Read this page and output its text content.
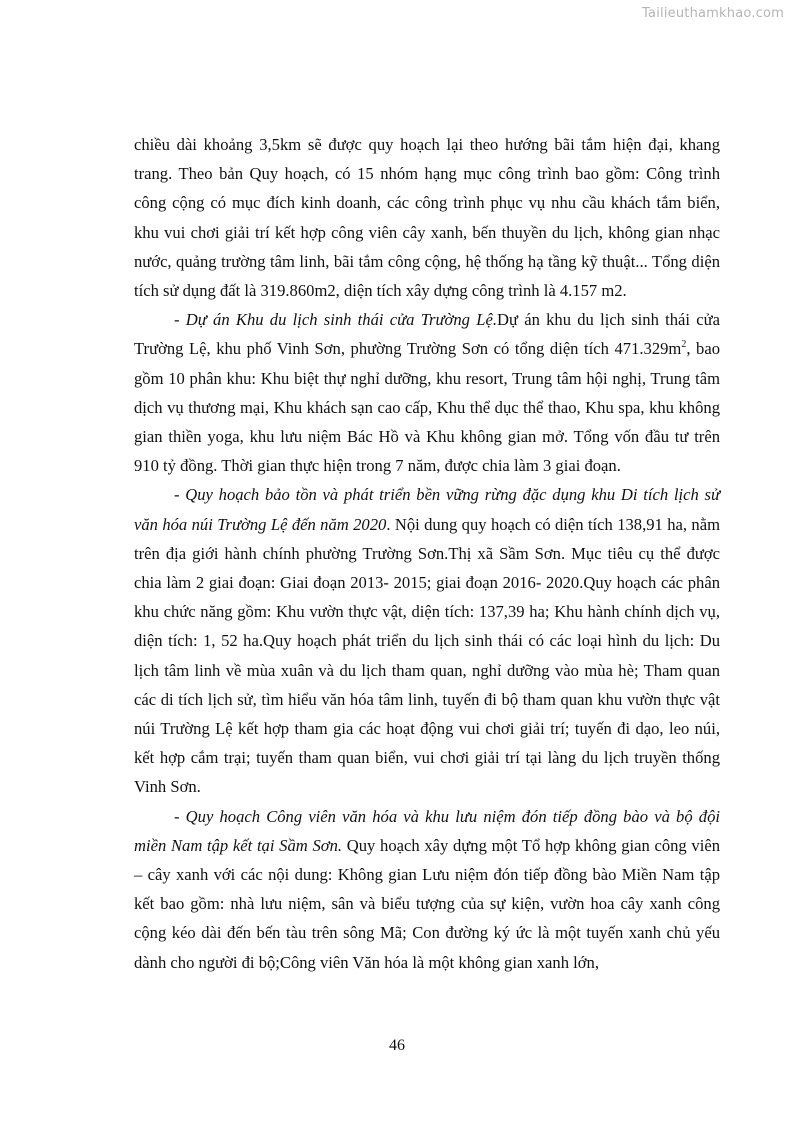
Tailieuthamkhao.com

chiều dài khoảng 3,5km sẽ được quy hoạch lại theo hướng bãi tắm hiện đại, khang trang. Theo bản Quy hoạch, có 15 nhóm hạng mục công trình bao gồm: Công trình công cộng có mục đích kinh doanh, các công trình phục vụ nhu cầu khách tắm biển, khu vui chơi giải trí kết hợp công viên cây xanh, bến thuyền du lịch, không gian nhạc nước, quảng trường tâm linh, bãi tắm công cộng, hệ thống hạ tầng kỹ thuật... Tổng diện tích sử dụng đất là 319.860m2, diện tích xây dựng công trình là 4.157 m2.

- Dự án Khu du lịch sinh thái cửa Trường Lệ.Dự án khu du lịch sinh thái cửa Trường Lệ, khu phố Vinh Sơn, phường Trường Sơn có tổng diện tích $471.329m^2$, bao gồm 10 phân khu: Khu biệt thự nghỉ dưỡng, khu resort, Trung tâm hội nghị, Trung tâm dịch vụ thương mại, Khu khách sạn cao cấp, Khu thể dục thể thao, Khu spa, khu không gian thiền yoga, khu lưu niệm Bác Hồ và Khu không gian mở. Tổng vốn đầu tư trên 910 tỷ đồng. Thời gian thực hiện trong 7 năm, được chia làm 3 giai đoạn.

- Quy hoạch bảo tồn và phát triển bền vững rừng đặc dụng khu Di tích lịch sử văn hóa núi Trường Lệ đến năm 2020. Nội dung quy hoạch có diện tích 138,91 ha, nằm trên địa giới hành chính phường Trường Sơn.Thị xã Sầm Sơn. Mục tiêu cụ thể được chia làm 2 giai đoạn: Giai đoạn 2013- 2015; giai đoạn 2016- 2020.Quy hoạch các phân khu chức năng gồm: Khu vườn thực vật, diện tích: 137,39 ha; Khu hành chính dịch vụ, diện tích: 1, 52 ha.Quy hoạch phát triển du lịch sinh thái có các loại hình du lịch: Du lịch tâm linh về mùa xuân và du lịch tham quan, nghỉ dưỡng vào mùa hè; Tham quan các di tích lịch sử, tìm hiểu văn hóa tâm linh, tuyến đi bộ tham quan khu vườn thực vật núi Trường Lệ kết hợp tham gia các hoạt động vui chơi giải trí; tuyến đi dạo, leo núi, kết hợp cắm trại; tuyến tham quan biển, vui chơi giải trí tại làng du lịch truyền thống Vinh Sơn.

- Quy hoạch Công viên văn hóa và khu lưu niệm đón tiếp đồng bào và bộ đội miền Nam tập kết tại Sầm Sơn. Quy hoạch xây dựng một Tổ hợp không gian công viên – cây xanh với các nội dung: Không gian Lưu niệm đón tiếp đồng bào Miền Nam tập kết bao gồm: nhà lưu niệm, sân và biểu tượng của sự kiện, vườn hoa cây xanh công cộng kéo dài đến bến tàu trên sông Mã; Con đường ký ức là một tuyến xanh chủ yếu dành cho người đi bộ;Công viên Văn hóa là một không gian xanh lớn,

46
